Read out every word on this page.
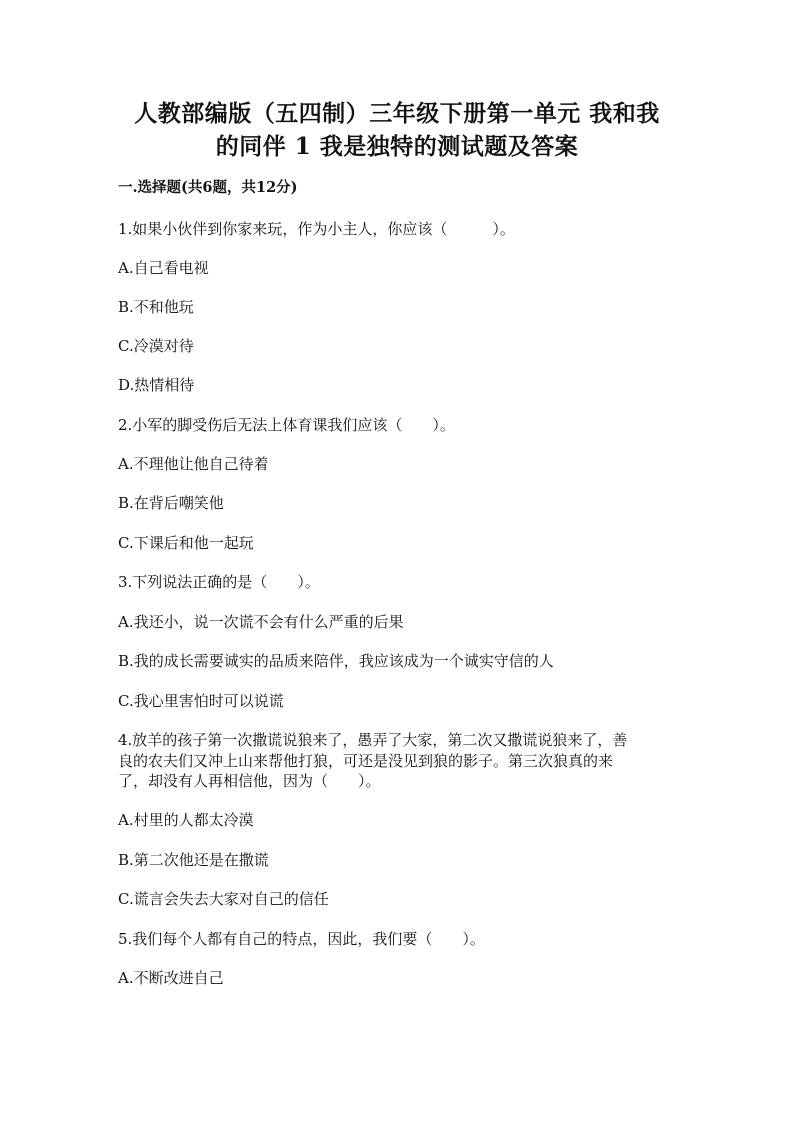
人教部编版（五四制）三年级下册第一单元 我和我
的同伴 1 我是独特的测试题及答案
一.选择题(共6题，共12分)
1.如果小伙伴到你家来玩，作为小主人，你应该（　　　）。
A.自己看电视
B.不和他玩
C.冷漠对待
D.热情相待
2.小军的脚受伤后无法上体育课我们应该（　　）。
A.不理他让他自己待着
B.在背后嘲笑他
C.下课后和他一起玩
3.下列说法正确的是（　　）。
A.我还小，说一次谎不会有什么严重的后果
B.我的成长需要诚实的品质来陪伴，我应该成为一个诚实守信的人
C.我心里害怕时可以说谎
4.放羊的孩子第一次撒谎说狼来了，愚弄了大家，第二次又撒谎说狼来了，善
良的农夫们又冲上山来帮他打狼，可还是没见到狼的影子。第三次狼真的来
了，却没有人再相信他，因为（　　）。
A.村里的人都太冷漠
B.第二次他还是在撒谎
C.谎言会失去大家对自己的信任
5.我们每个人都有自己的特点，因此，我们要（　　）。
A.不断改进自己
